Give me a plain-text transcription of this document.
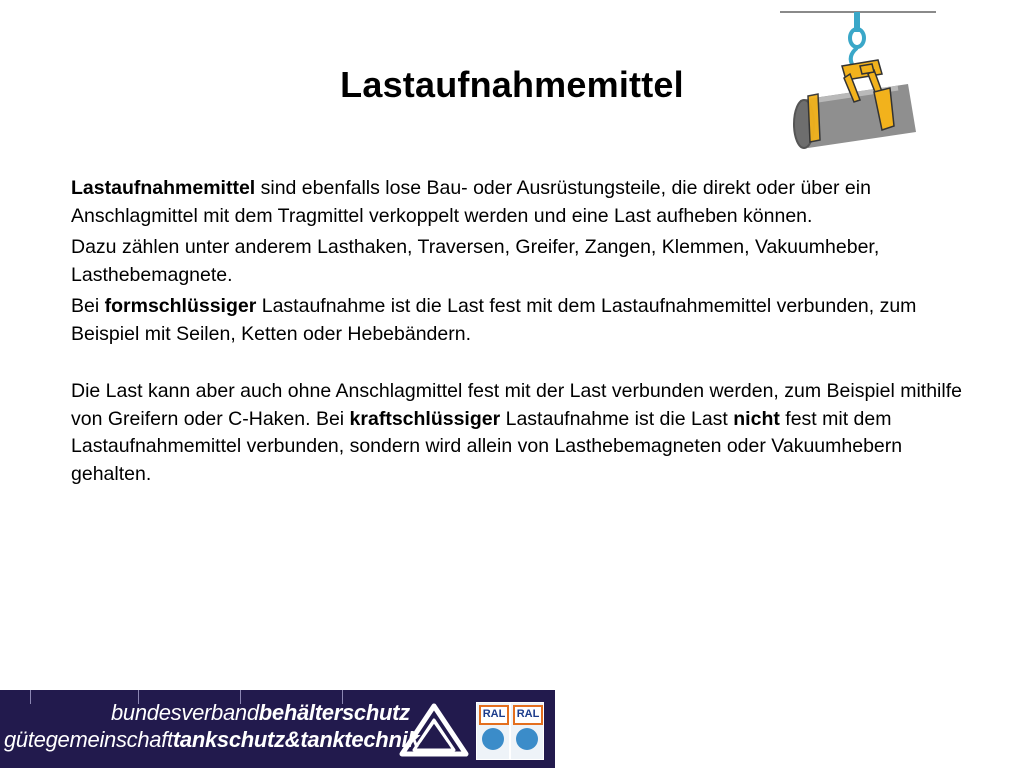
Lastaufnahmemittel

Lastaufnahmemittel sind ebenfalls lose Bau- oder Ausrüstungsteile, die direkt oder über ein Anschlagmittel mit dem Tragmittel verkoppelt werden und eine Last aufheben können.

Dazu zählen unter anderem Lasthaken, Traversen, Greifer, Zangen, Klemmen, Vakuumheber, Lasthebemagnete.

Bei formschlüssiger Lastaufnahme ist die Last fest mit dem Lastaufnahmemittel verbunden, zum Beispiel mit Seilen, Ketten oder Hebebändern.

Die Last kann aber auch ohne Anschlagmittel fest mit der Last verbunden werden, zum Beispiel mithilfe von Greifern oder C-Haken. Bei kraftschlüssiger Lastaufnahme ist die Last nicht fest mit dem Lastaufnahmemittel verbunden, sondern wird allein von Lasthebemagneten oder Vakuumhebern gehalten.

bundesverbandbehälterschutz
gütegemeinschafttankschutz&tanktechnik
RAL	RAL
